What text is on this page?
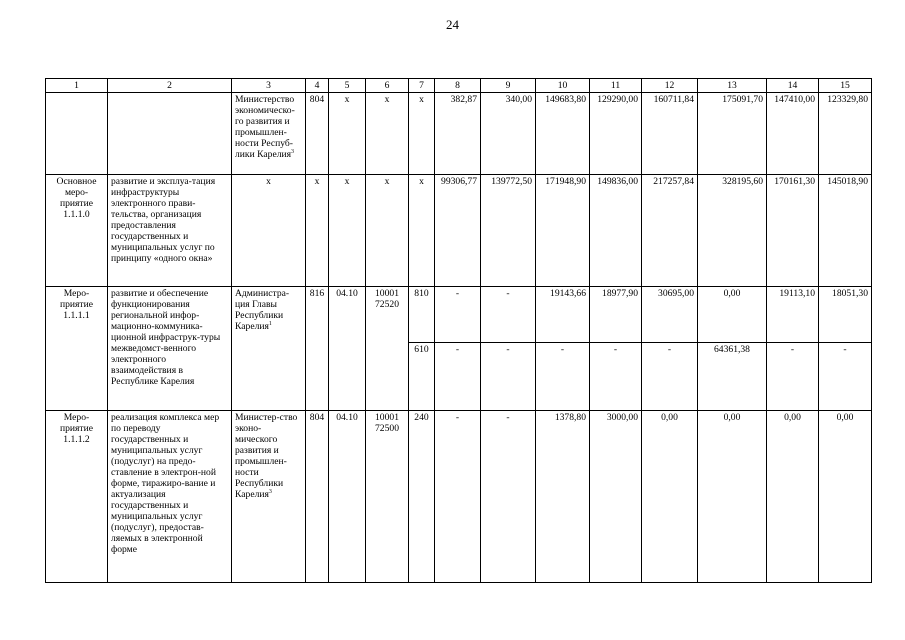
24
1	2	3	4	5	6	7	8	9	10	11	12	13	14	15
		Министерство экономическо-го развития и промышлен-ности Респуб-лики Карелия$^3$	804	х	х	х	382,87	340,00	149683,80	129290,00	160711,84	175091,70	147410,00	123329,80
Основное меро-приятие 1.1.1.0	развитие и эксплуа-тация инфраструктуры электронного прави-тельства, организация предоставления государственных и муниципальных услуг по принципу «одного окна»	х	х	х	х	х	99306,77	139772,50	171948,90	149836,00	217257,84	328195,60	170161,30	145018,90
Меро-приятие 1.1.1.1	развитие и обеспечение функционирования региональной инфор-мационно-коммуника-ционной инфраструк-туры межведомст-венного электронного взаимодействия в Республике Карелия	Администра-ция Главы Республики Карелия$^1$	816	04.10	10001 72520	810	-	-	19143,66	18977,90	30695,00	0,00	19113,10	18051,30
						610	-	-	-	-	-	64361,38	-	-
Меро-приятие 1.1.1.2	реализация комплекса мер по переводу государственных и муниципальных услуг (подуслуг) на предо-ставление в электрон-ной форме, тиражиро-вание и актуализация государственных и муниципальных услуг (подуслуг), предостав-ляемых в электронной форме	Министер-ство эконо-мического развития и промышлен-ности Республики Карелия$^3$	804	04.10	10001 72500	240	-	-	1378,80	3000,00	0,00	0,00	0,00	0,00
